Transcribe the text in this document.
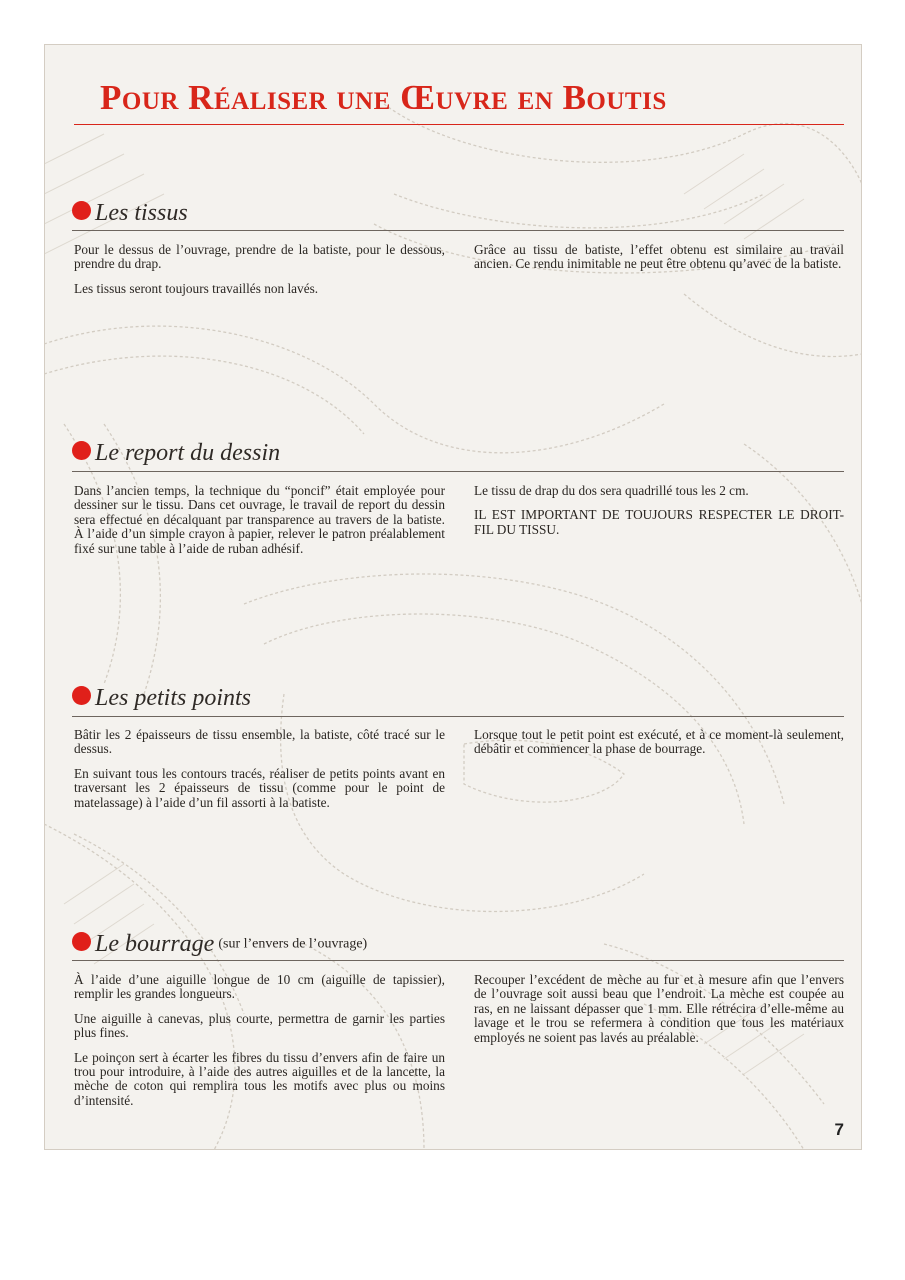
Pour Réaliser une Œuvre en Boutis
Les tissus

Pour le dessus de l’ouvrage, prendre de la batiste, pour le dessous, prendre du drap.

Les tissus seront toujours travaillés non lavés.

Grâce au tissu de batiste, l’effet obtenu est similaire au travail ancien. Ce rendu inimitable ne peut être obtenu qu’avec de la batiste.

Le report du dessin

Dans l’ancien temps, la technique du “poncif” était employée pour dessiner sur le tissu. Dans cet ouvrage, le travail de report du dessin sera effectué en décalquant par transparence au travers de la batiste. À l’aide d’un simple crayon à papier, relever le patron préalablement fixé sur une table à l’aide de ruban adhésif.

Le tissu de drap du dos sera quadrillé tous les 2 cm.

IL EST IMPORTANT DE TOUJOURS RESPECTER LE DROIT-FIL DU TISSU.

Les petits points

Bâtir les 2 épaisseurs de tissu ensemble, la batiste, côté tracé sur le dessus.

En suivant tous les contours tracés, réaliser de petits points avant en traversant les 2 épaisseurs de tissu (comme pour le point de matelassage) à l’aide d’un fil assorti à la batiste.

Lorsque tout le petit point est exécuté, et à ce moment-là seulement, débâtir et commencer la phase de bourrage.

Le bourrage (sur l’envers de l’ouvrage)

À l’aide d’une aiguille longue de 10 cm (aiguille de tapissier), remplir les grandes longueurs.

Une aiguille à canevas, plus courte, permettra de garnir les parties plus fines.

Le poinçon sert à écarter les fibres du tissu d’envers afin de faire un trou pour introduire, à l’aide des autres aiguilles et de la lancette, la mèche de coton qui remplira tous les motifs avec plus ou moins d’intensité.

Recouper l’excédent de mèche au fur et à mesure afin que l’envers de l’ouvrage soit aussi beau que l’endroit. La mèche est coupée au ras, en ne laissant dépasser que 1 mm. Elle rétrécira d’elle-même au lavage et le trou se refermera à condition que tous les matériaux employés ne soient pas lavés au préalable.

7
